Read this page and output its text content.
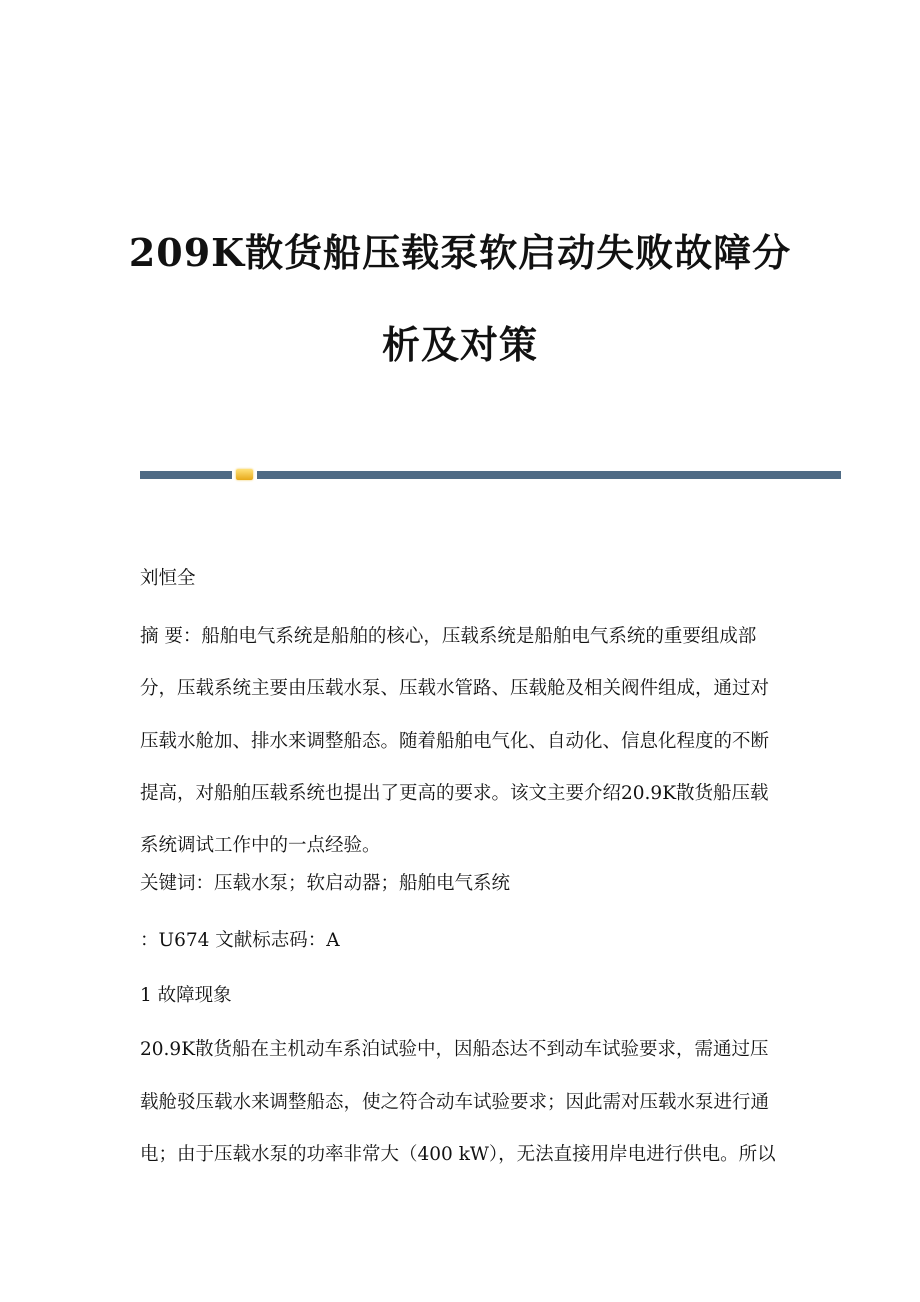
209K散货船压载泵软启动失败故障分
析及对策
刘恒全
摘 要：船舶电气系统是船舶的核心，压载系统是船舶电气系统的重要组成部
分，压载系统主要由压载水泵、压载水管路、压载舱及相关阀件组成，通过对
压载水舱加、排水来调整船态。随着船舶电气化、自动化、信息化程度的不断
提高，对船舶压载系统也提出了更高的要求。该文主要介绍20.9K散货船压载
系统调试工作中的一点经验。
关键词：压载水泵；软启动器；船舶电气系统
：U674 文献标志码：A
1 故障现象
20.9K散货船在主机动车系泊试验中，因船态达不到动车试验要求，需通过压
载舱驳压载水来调整船态，使之符合动车试验要求；因此需对压载水泵进行通
电；由于压载水泵的功率非常大（400 kW），无法直接用岸电进行供电。所以
